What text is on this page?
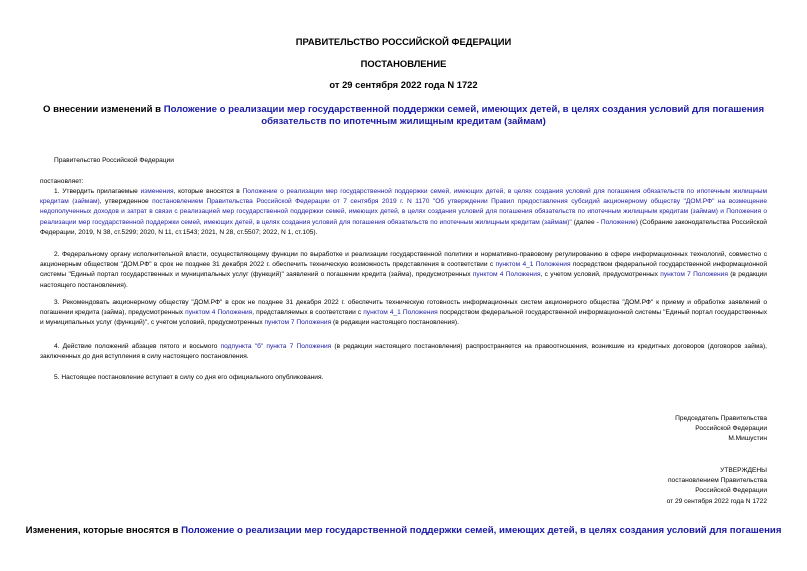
ПРАВИТЕЛЬСТВО РОССИЙСКОЙ ФЕДЕРАЦИИ
ПОСТАНОВЛЕНИЕ
от 29 сентября 2022 года N 1722
О внесении изменений в Положение о реализации мер государственной поддержки семей, имеющих детей, в целях создания условий для погашения обязательств по ипотечным жилищным кредитам (займам)
Правительство Российской Федерации
постановляет:
1. Утвердить прилагаемые изменения, которые вносятся в Положение о реализации мер государственной поддержки семей, имеющих детей, в целях создания условий для погашения обязательств по ипотечным жилищным кредитам (займам), утвержденное постановлением Правительства Российской Федерации от 7 сентября 2019 г. N 1170 "Об утверждении Правил предоставления субсидий акционерному обществу "ДОМ.РФ" на возмещение недополученных доходов и затрат в связи с реализацией мер государственной поддержки семей, имеющих детей, в целях создания условий для погашения обязательств по ипотечным жилищным кредитам (займам) и Положения о реализации мер государственной поддержки семей, имеющих детей, в целях создания условий для погашения обязательств по ипотечным жилищным кредитам (займам)" (далее - Положение) (Собрание законодательства Российской Федерации, 2019, N 38, ст.5299; 2020, N 11, ст.1543; 2021, N 28, ст.5507; 2022, N 1, ст.105).
2. Федеральному органу исполнительной власти, осуществляющему функции по выработке и реализации государственной политики и нормативно-правовому регулированию в сфере информационных технологий, совместно с акционерным обществом "ДОМ.РФ" в срок не позднее 31 декабря 2022 г. обеспечить техническую возможность представления в соответствии с пунктом 4_1 Положения посредством федеральной государственной информационной системы "Единый портал государственных и муниципальных услуг (функций)" заявлений о погашении кредита (займа), предусмотренных пунктом 4 Положения, с учетом условий, предусмотренных пунктом 7 Положения (в редакции настоящего постановления).
3. Рекомендовать акционерному обществу "ДОМ.РФ" в срок не позднее 31 декабря 2022 г. обеспечить техническую готовность информационных систем акционерного общества "ДОМ.РФ" к приему и обработке заявлений о погашении кредита (займа), предусмотренных пунктом 4 Положения, представляемых в соответствии с пунктом 4_1 Положения посредством федеральной государственной информационной системы "Единый портал государственных и муниципальных услуг (функций)", с учетом условий, предусмотренных пунктом 7 Положения (в редакции настоящего постановления).
4. Действие положений абзацев пятого и восьмого подпункта "б" пункта 7 Положения (в редакции настоящего постановления) распространяется на правоотношения, возникшие из кредитных договоров (договоров займа), заключенных до дня вступления в силу настоящего постановления.
5. Настоящее постановление вступает в силу со дня его официального опубликования.
Председатель Правительства
Российской Федерации
М.Мишустин
УТВЕРЖДЕНЫ
постановлением Правительства
Российской Федерации
от 29 сентября 2022 года N 1722
Изменения, которые вносятся в Положение о реализации мер государственной поддержки семей, имеющих детей, в целях создания условий для погашения
